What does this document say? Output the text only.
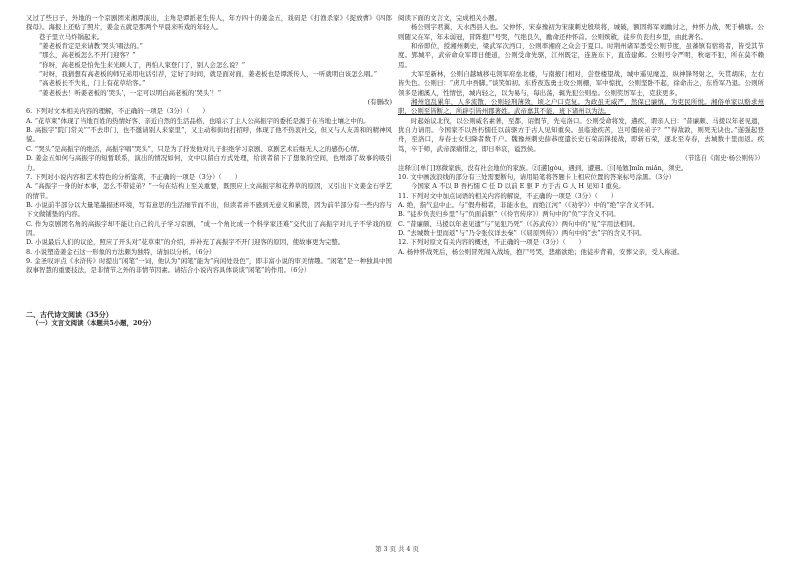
又过了些日子，外地的一个京剧团来湘潭演出，主角是谭派老生传人，年方四十的姜金五，戏码是《打渔杀家》《捉放曹》《四郎探母》。海报上还贴了照片，姜金五就是那两个早晨来听戏的年轻人。

巷子里立马炸锅起来。

“姜老板肯定是来请教‘哭头’唱法的。”

“那么，高老板怎么不开门迎客？”

“你呀，高老板是怕先生来光顾人了，再怕人家登门了，别人会怎么说？”

“对呀，我猜想有高老板的师兄弟用电话引荐，定好了时间，就是面对面，姜老板也是谭派传人，一听就明白该怎么唱。”

“高老板长不失礼，门上有花草给客。”

“姜老板去！听姜老板的‘哭头’，一定可以明白高老板的‘哭头’！”

(有删改)

6. 下列对文本相关内容的理解，不正确的一项是（3分）（　　）

A. “花草束”体现了当地百姓的热情好客、亲近自然的生活品格，也暗示了主人公高振宇的委托是源于在当地土壤之中的。

B. 高振宇“院门常关”“不去串门，也不邀请别人来家里”，又主动和街坊打招呼，体现了他不热衷社交，但又与人友善和的精神风貌。

C. “哭头”是高振宇的绝活，高振宇唱“哭头”，只是为了抒发他对儿子拒绝学习京剧、京剧艺术后继无人之的感伤心情。

D. 姜金五如何与高振宇的短暂联系，演出的情况如何，文中以留白方式处理，给读者留下了想象的空间，也增添了故事的吸引力。

7. 下列对小说内容和艺术特色的分析鉴赏，不正确的一项是（3分）（　　）

A. “高振宇一身的好本事，怎么不带徒弟？”一句在结构上至关重要，既照应上文高振宇和花养草的原因，又引出下文姜金石学艺的情节。

B. 小说前半部分以大量笔墨描述环境，写有意思的生活细节而不出，但读者并不感到无意义和累赘，因为前半部分有一些内容与下文做铺垫的内容。

C. 作为京剧团名角的高振宇却不能让自己的儿子学习京剧，“成一个角比成一个科学家还难”交代出了高振宇对儿子不学戏的原因。

D. 小说最后人们的议论，照应了开头对“花草束”的介绍，并补充了高振宇不开门迎客的原因，使故事更为完整。

8. 小说塑造姜金石这一形象的方法颇为独特，请加以分析。（6分）

9. 金圣叹评点《水浒传》时提出“闲笔”一词，他认为“闲笔”能为“向闲处设色”，即丰富小说的审美情趣。“闲笔”是一种独具中国叙事智慧的重要技法，是非情节之外的非情节因素。请结合小说内容具体谈谈“闲笔”的作用。（6分）

二、古代诗文阅读（35分）

（一）文言文阅读（本题共5小题，20分）

阅读下面的文言文，完成相关小题。

杨公则字君翼，天水西县人也。父仲怀，宋泰豫初为宋康刺史殷琰将，城破，额固将军刘勔讨之，仲怀力战，死于横塘。公则随父在军，年未弱冠，冒阵抱尸号哭，气绝良久，勔命还仲怀首。公则殡斂，徒步负丧归乡里，由此著名。

和帝即位，授湘州刺史，梁武军次沔口，公则率湘府之众会于夏口。时荆州诸军悉受公则节度，虽蕃镇有宿将者，皆受其节度。郢城平，武帝命众军即日便道，公则受命先驱，江州既定，连旌东下，直造建邺。公则号令严明，秋毫不犯，所在莫不赖焉。

大军至新林，公则自越城移屯领军府垒北楼，与南掖门相对，尝登楼望战，城中遥见麾盖，纵神锋弩射之，矢贯胡床，左右皆失色。公则曰：“虏几中吾脚。”谈笑如初。东昏夜选勇士攻公则栅，军中惊扰，公则坚卧不起，徐命击之，东昏军乃退。公则所领多是湘溪人，性情怯，城内轻之，以为易与，每出荡，辄先犯公则垒。公则奖厉军士，克获更多。

湘州寇乱累年，人多流散，公则轻刑薄敛，顷之户口克复。为政虽无威严，然保已廉慎，为吏民所悦。湘俗单家以赂求州职，公则至皆断之，所辟引皆州郡著姓。武帝嘉其不能，班下诸州以为法。

时起始议北伐，以公则威名素著，至都，诏假节，先屯洛口。公则受命将发，遘疾，谓亲人曰：“昔廉颇、马援以年老见遗，犹自力请用。今国家不以吾朽懦任以前驱方于古人见知重矣。虽临途疾苦，岂可僵侯弟子？”“得敌敦，则死无诀也。”遂强起登舟，至洛口，寿春士女归降者数千户。魏豫州刺史薛恭度遣长史石荣前锋接战，即斩石荣，逐北至寿春，去城数十里而返。疾笃，卒于师，武帝深痛惜之，即日举哀，谥烈侯。

（节选自《南史·杨公则传》）

注释①[单门]寒微家族，没有社会地位的家族。②[遘]gòu，遇到，遭遇。③[黾勉]mǐn miǎn，须史。

10. 文中画波浪线的部分有三处需要断句，请用铅笔将答题卡上相应位置的答案标号涂黑。（3分）

今国家 A 不以 B 吾朽懦 C 任 D 以前 E 驱 F 方于古 G 人 H 见知 I 重矣。

11. 下列对文中加点词语的相关内容的解说，不正确的一项是（3分）（　　）

A. 绝，指气息中止。与“假舟楫者，非能水也，而绝江河”（《劝学》）中的“绝”字含义不同。

B. “徒步负丧归乡里”与“负面前驱”（《伶官传序》）两句中的“负”字含义不同。

C. “昔廉颇、马援以年老见遗”与“见犯乃死”（《苏武传》）两句中的“见”字用法相同。

D. “去城数十里而返”与“乃令张仪详去秦”（《屈原列传》）两句中的“去”字的含义不同。

12. 下列对原文有关内容的概述，不正确的一项是（3分）（　　）

A. 杨仲怀战死后，杨公则冒死闯入战场，抱尸号哭，悲痛欲绝；他徒步背着，安葬父亲，受人称道。

第 3 页 共 4 页
